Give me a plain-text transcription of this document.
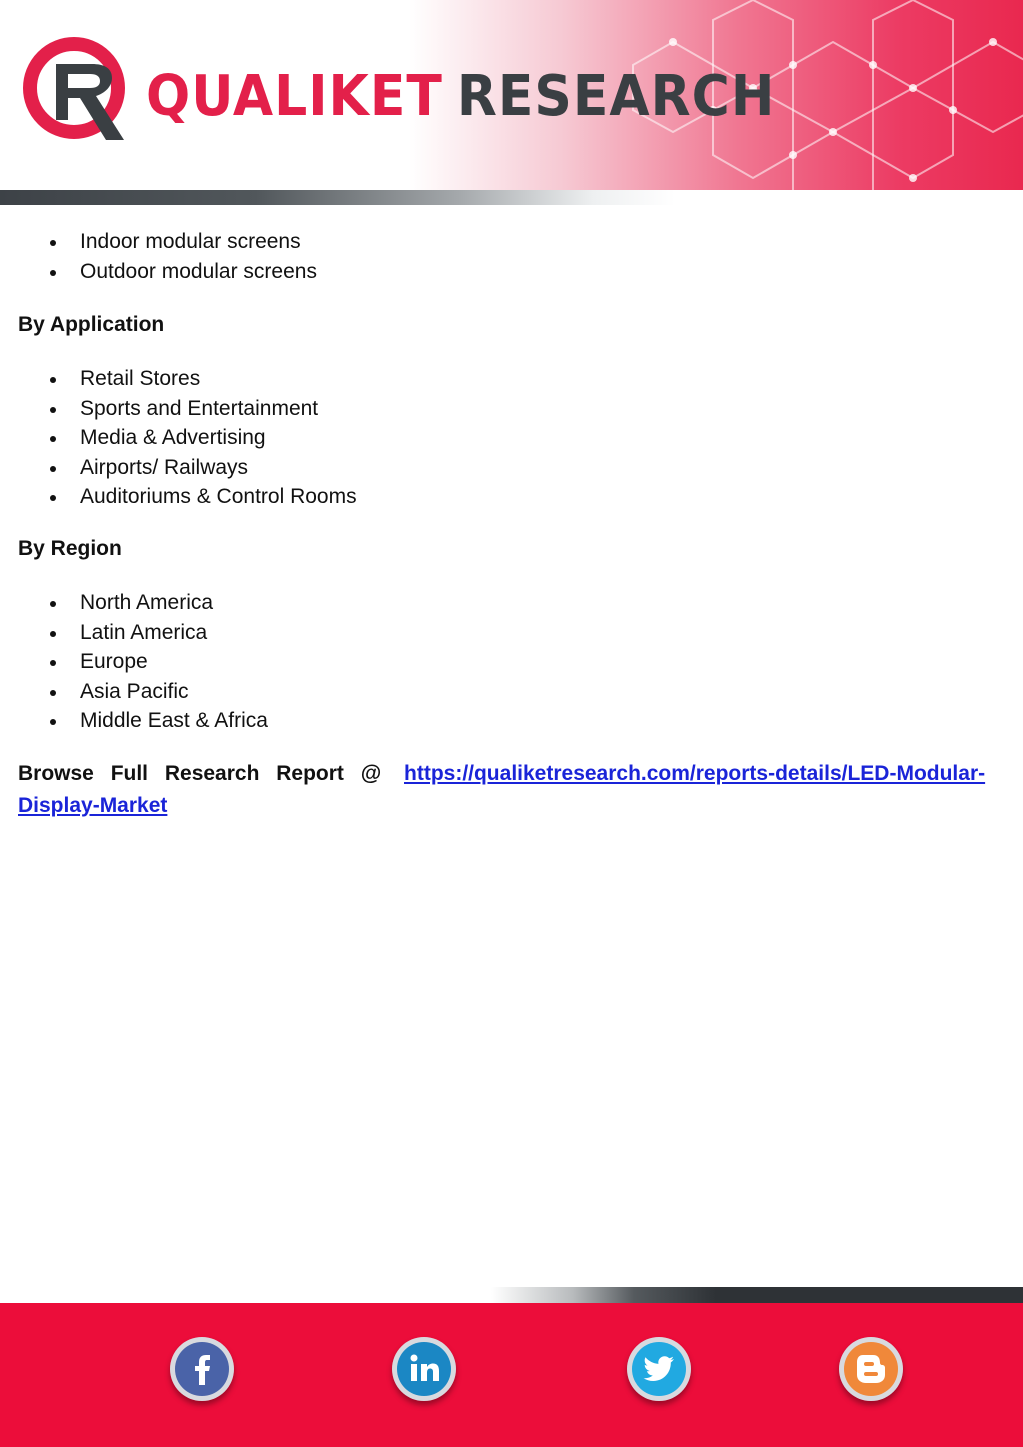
QUALIKET RESEARCH
Indoor modular screens
Outdoor modular screens
By Application
Retail Stores
Sports and Entertainment
Media & Advertising
Airports/ Railways
Auditoriums & Control Rooms
By Region
North America
Latin America
Europe
Asia Pacific
Middle East & Africa
Browse Full Research Report @ https://qualiketresearch.com/reports-details/LED-Modular-
Display-Market
